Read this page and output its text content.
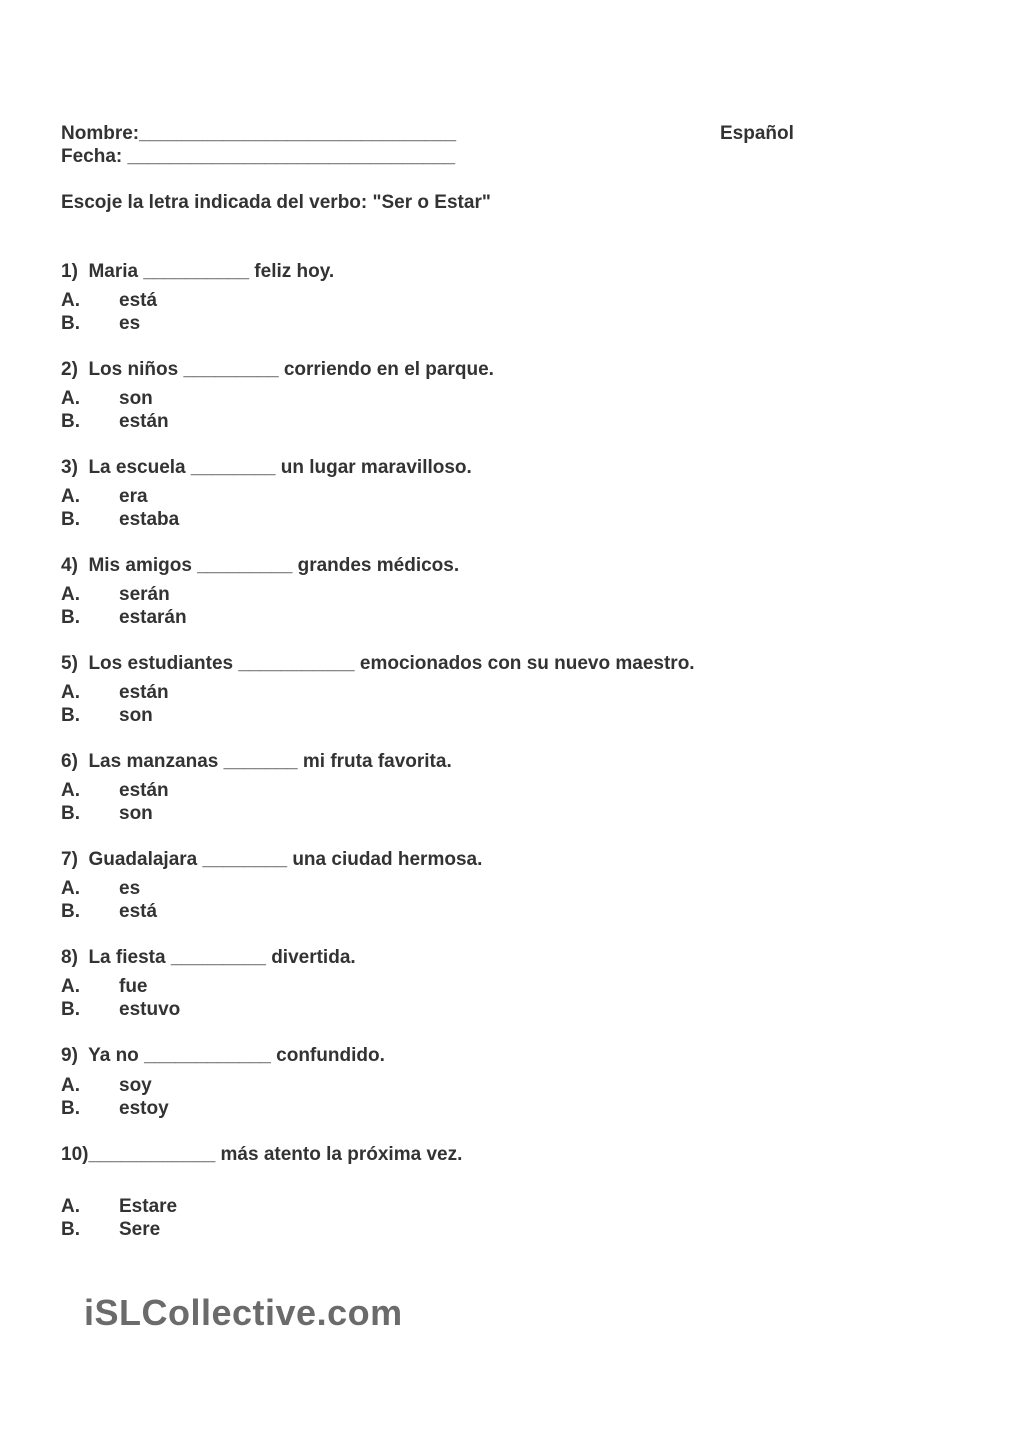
Nombre:______________________________	Español
Fecha: _______________________________
Escoje la letra indicada del verbo: "Ser o Estar"
1)  Maria __________ feliz hoy.
A. está
B. es
2)  Los niños _________ corriendo en el parque.
A. son
B. están
3)  La escuela ________ un lugar maravilloso.
A. era
B. estaba
4)  Mis amigos _________ grandes médicos.
A. serán
B. estarán
5)  Los estudiantes ___________ emocionados con su nuevo maestro.
A. están
B. son
6)  Las manzanas _______ mi fruta favorita.
A. están
B. son
7)  Guadalajara ________ una ciudad hermosa.
A. es
B. está
8)  La fiesta _________ divertida.
A. fue
B. estuvo
9)  Ya no ____________ confundido.
A. soy
B. estoy
10)____________ más atento la próxima vez.
A. Estare
B. Sere
iSLCollective.com
